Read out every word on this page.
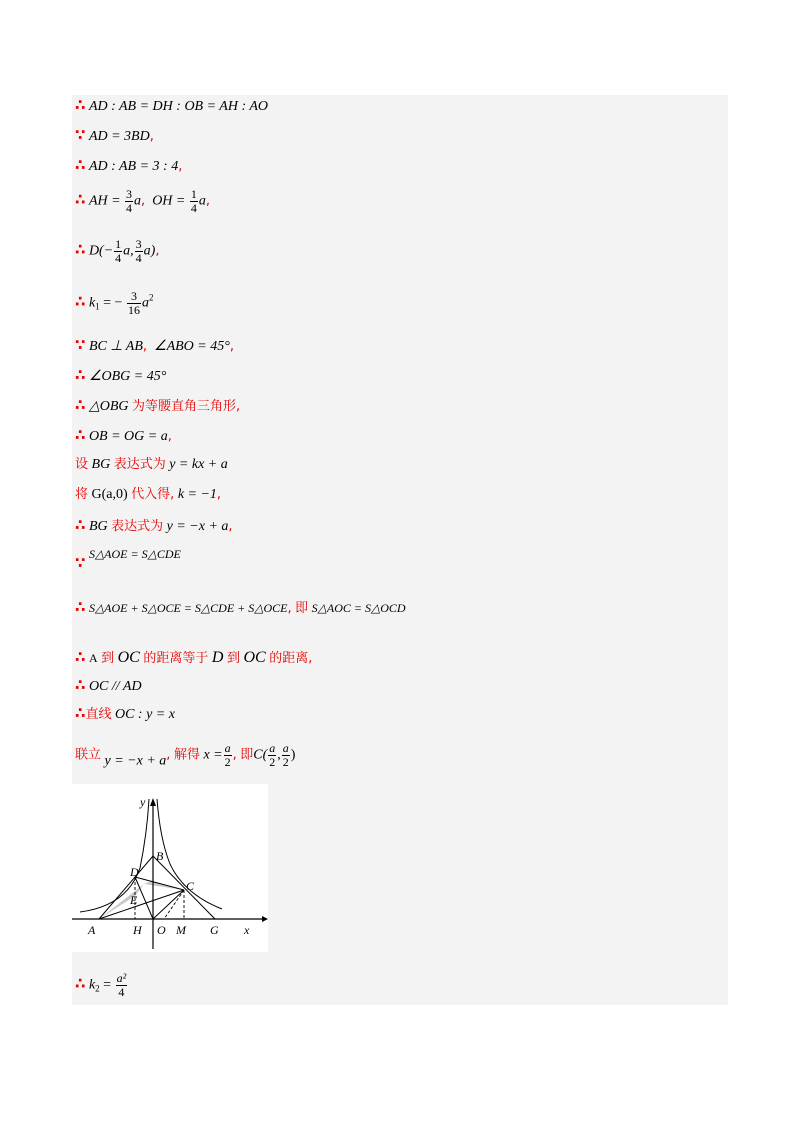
∴ AD : AB = DH : OB = AH : AO
∵ AD = 3BD,
∴ AD : AB = 3 : 4,
∴ AH = $\frac{3}{4} a$, OH = $\frac{1}{4} a$,
∴ $D(- \frac{1}{4} a$, $\frac{3}{4} a$),
∴ $k_1$ = − $\frac{3}{16} a^2$
∵ BC ⊥ AB, ∠ABO = 45°,
∴ ∠OBG = 45°
∴ △OBG 为等腰直角三角形,
∴ OB = OG = a,
设 BG 表达式为 y = kx + a
将 G(a,0) 代入得, k = −1,
∴ BG 表达式为 y = −x + a,
∵ S△AOE = S△CDE
∴ S△AOE + S△OCE = S△CDE + S△OCE, 即 S△AOC = S△OCD
∴ A 到 OC 的距离等于 D 到 OC 的距离,
∴ OC // AD
∴直线 OC : y = x
联立 y = −x + a, 解得 $x = \frac{a}{2}$ , 即$C( \frac{a}{2}$ , $\frac{a}{2}$ )
y
x
B
D
C
E
A	H O M G
∴ $k_2 = \frac{\text{a²}}{4}$
